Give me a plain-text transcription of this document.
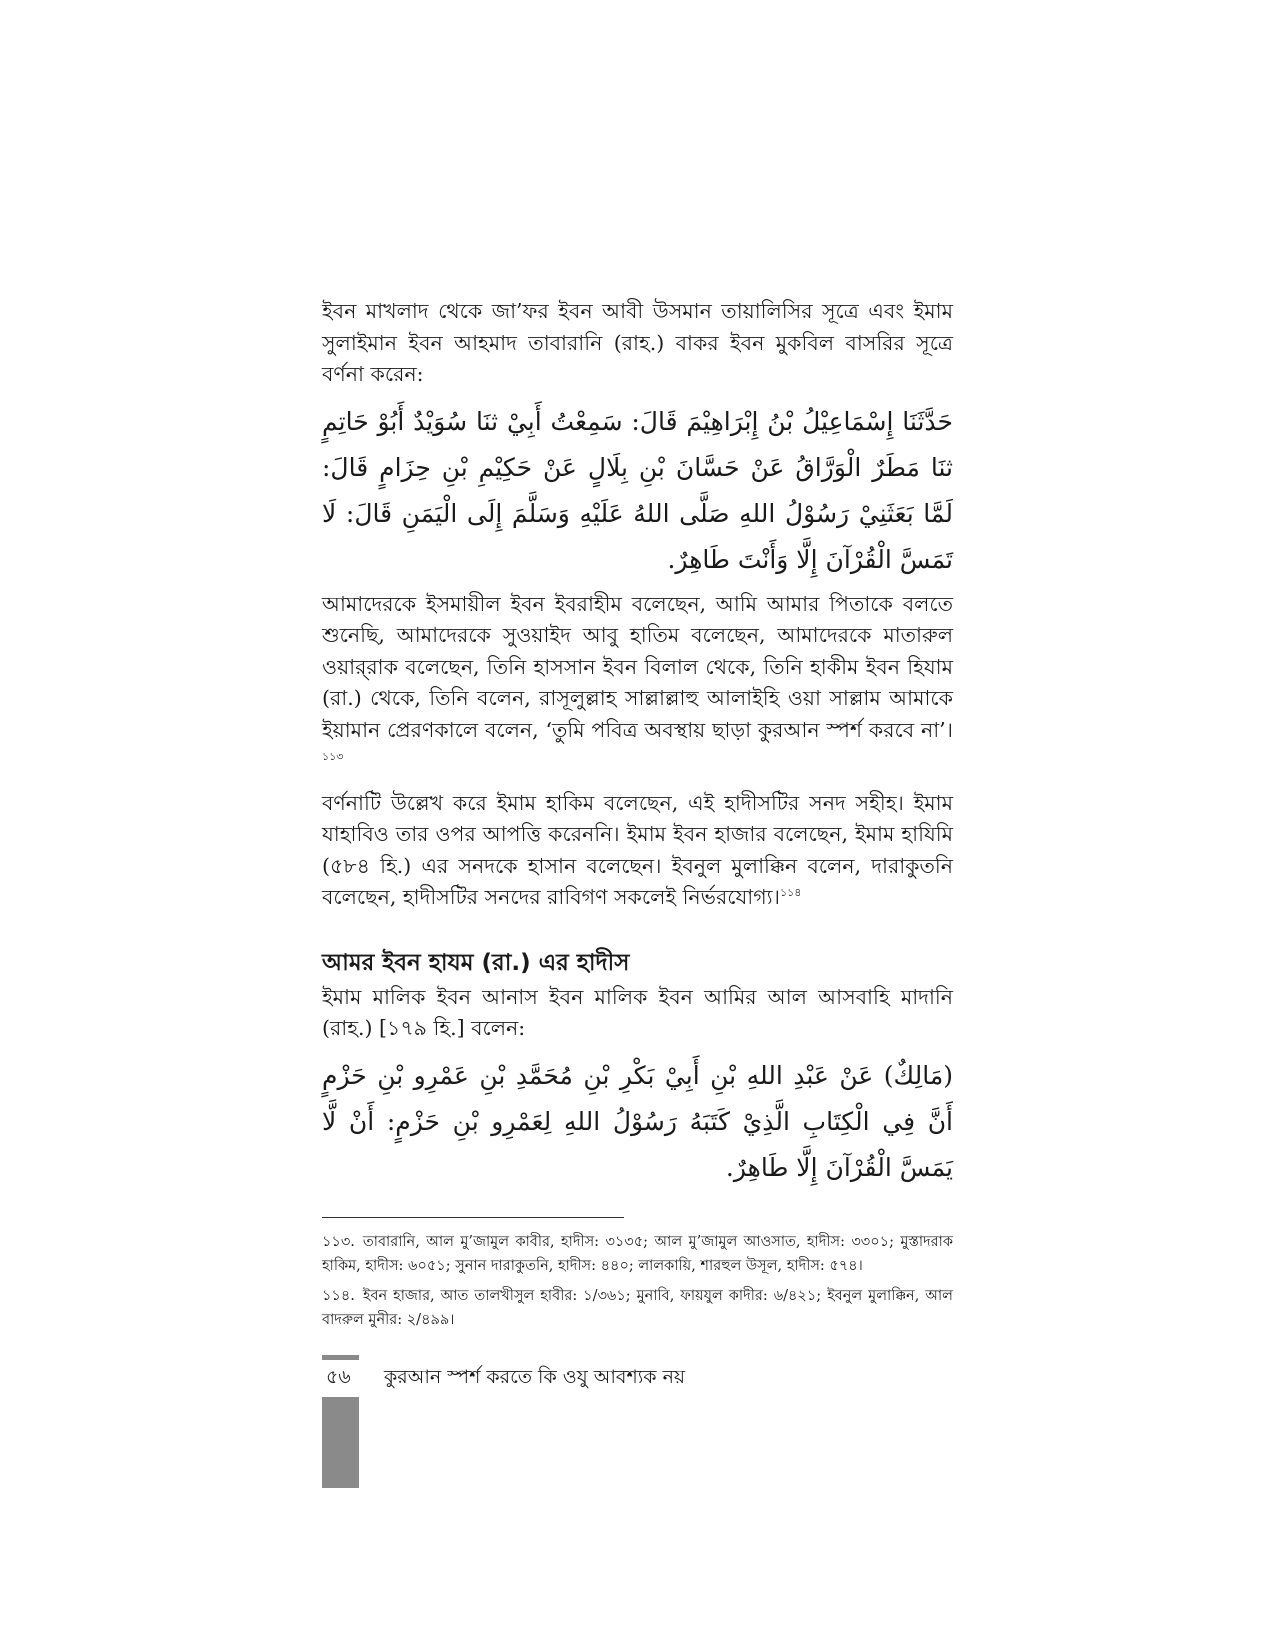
ইবন মাখলাদ থেকে জা’ফর ইবন আবী উসমান তায়ালিসির সূত্রে এবং ইমাম সুলাইমান ইবন আহমাদ তাবারানি (রাহ.) বাকর ইবন মুকবিল বাসরির সূত্রে বর্ণনা করেন:

حَدَّثَنَا إِسْمَاعِيْلُ بْنُ إِبْرَاهِيْمَ قَالَ: سَمِعْتُ أَبِيْ ثنَا سُوَيْدٌ أَبُوْ حَاتِمٍ ثنَا مَطَرٌ الْوَرَّاقُ عَنْ حَسَّانَ بْنِ بِلَالٍ عَنْ حَكِيْمِ بْنِ حِزَامٍ قَالَ: لَمَّا بَعَثَنِيْ رَسُوْلُ اللهِ صَلَّى اللهُ عَلَيْهِ وَسَلَّمَ إِلَى الْيَمَنِ قَالَ: لَا تَمَسَّ الْقُرْآنَ إِلَّا وَأَنْتَ طَاهِرٌ.

আমাদেরকে ইসমায়ীল ইবন ইবরাহীম বলেছেন, আমি আমার পিতাকে বলতে শুনেছি, আমাদেরকে সুওয়াইদ আবু হাতিম বলেছেন, আমাদেরকে মাতারুল ওয়ার্‌রাক বলেছেন, তিনি হাসসান ইবন বিলাল থেকে, তিনি হাকীম ইবন হিযাম (রা.) থেকে, তিনি বলেন, রাসূলুল্লাহ সাল্লাল্লাহু আলাইহি ওয়া সাল্লাম আমাকে ইয়ামান প্রেরণকালে বলেন, ‘তুমি পবিত্র অবস্থায় ছাড়া কুরআন স্পর্শ করবে না’।$^{১১৩}$

বর্ণনাটি উল্লেখ করে ইমাম হাকিম বলেছেন, এই হাদীসটির সনদ সহীহ। ইমাম যাহাবিও তার ওপর আপত্তি করেননি। ইমাম ইবন হাজার বলেছেন, ইমাম হাযিমি (৫৮৪ হি.) এর সনদকে হাসান বলেছেন। ইবনুল মুলাক্কিন বলেন, দারাকুতনি বলেছেন, হাদীসটির সনদের রাবিগণ সকলেই নির্ভরযোগ্য।$^{১১৪}$

আমর ইবন হাযম (রা.) এর হাদীস

ইমাম মালিক ইবন আনাস ইবন মালিক ইবন আমির আল আসবাহি মাদানি (রাহ.) [১৭৯ হি.] বলেন:

(مَالِكٌ) عَنْ عَبْدِ اللهِ بْنِ أَبِيْ بَكْرِ بْنِ مُحَمَّدِ بْنِ عَمْرِو بْنِ حَزْمٍ أَنَّ فِي الْكِتَابِ الَّذِيْ كَتَبَهُ رَسُوْلُ اللهِ لِعَمْرِو بْنِ حَزْمٍ: أَنْ لَّا يَمَسَّ الْقُرْآنَ إِلَّا طَاهِرٌ.

১১৩. তাবারানি, আল মু’জামুল কাবীর, হাদীস: ৩১৩৫; আল মু’জামুল আওসাত, হাদীস: ৩৩০১; মুস্তাদরাক হাকিম, হাদীস: ৬০৫১; সুনান দারাকুতনি, হাদীস: ৪৪০; লালকায়ি, শারহুল উসূল, হাদীস: ৫৭৪।

১১৪. ইবন হাজার, আত তালখীসুল হাবীর: ১/৩৬১; মুনাবি, ফায়যুল কাদীর: ৬/৪২১; ইবনুল মুলাক্কিন, আল বাদরুল মুনীর: ২/৪৯৯।

৫৬ কুরআন স্পর্শ করতে কি ওযু আবশ্যক নয়
